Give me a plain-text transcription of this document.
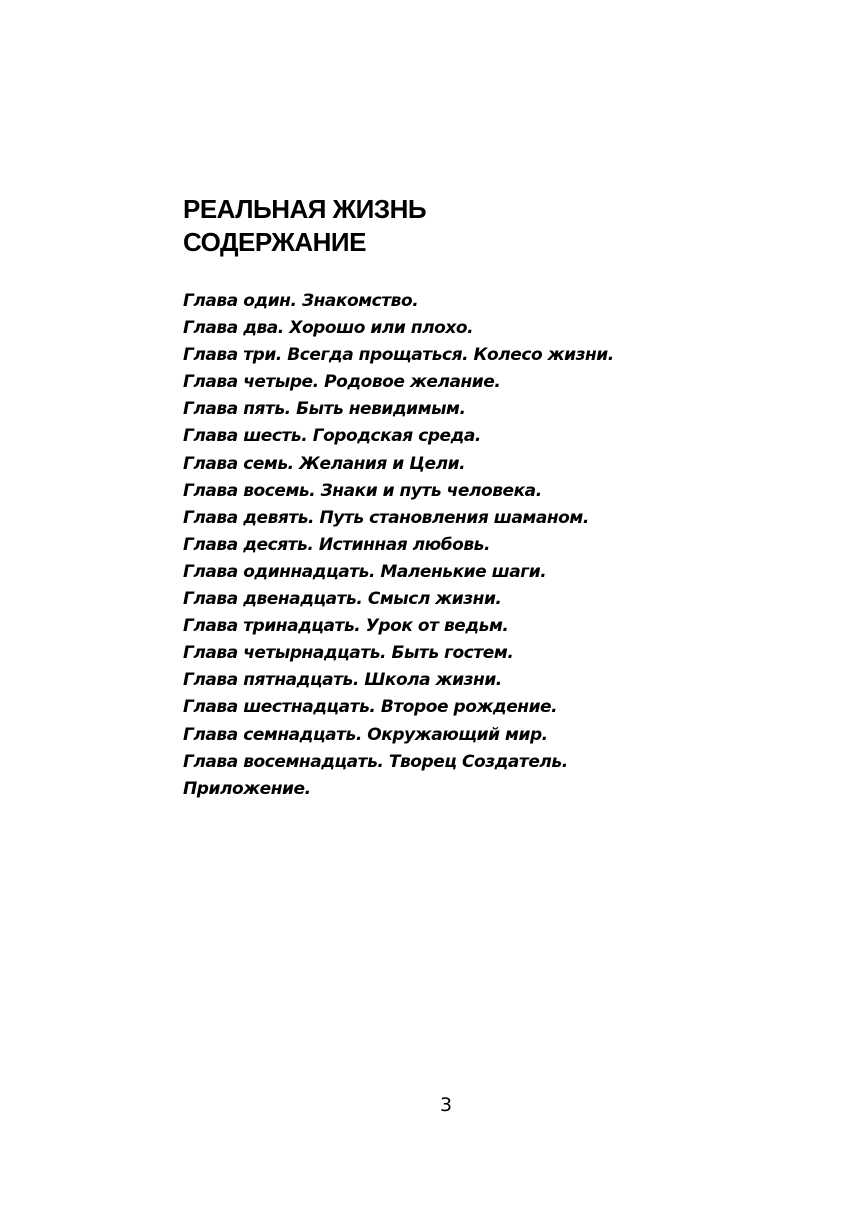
РЕАЛЬНАЯ ЖИЗНЬ
СОДЕРЖАНИЕ
Глава один. Знакомство.
Глава два. Хорошо или плохо.
Глава три. Всегда прощаться. Колесо жизни.
Глава четыре. Родовое желание.
Глава пять. Быть невидимым.
Глава шесть. Городская среда.
Глава семь. Желания и Цели.
Глава восемь. Знаки и путь человека.
Глава девять. Путь становления шаманом.
Глава десять. Истинная любовь.
Глава одиннадцать. Маленькие шаги.
Глава двенадцать. Смысл жизни.
Глава тринадцать. Урок от ведьм.
Глава четырнадцать. Быть гостем.
Глава пятнадцать. Школа жизни.
Глава шестнадцать. Второе рождение.
Глава семнадцать. Окружающий мир.
Глава восемнадцать. Творец Создатель.
Приложение.
3
